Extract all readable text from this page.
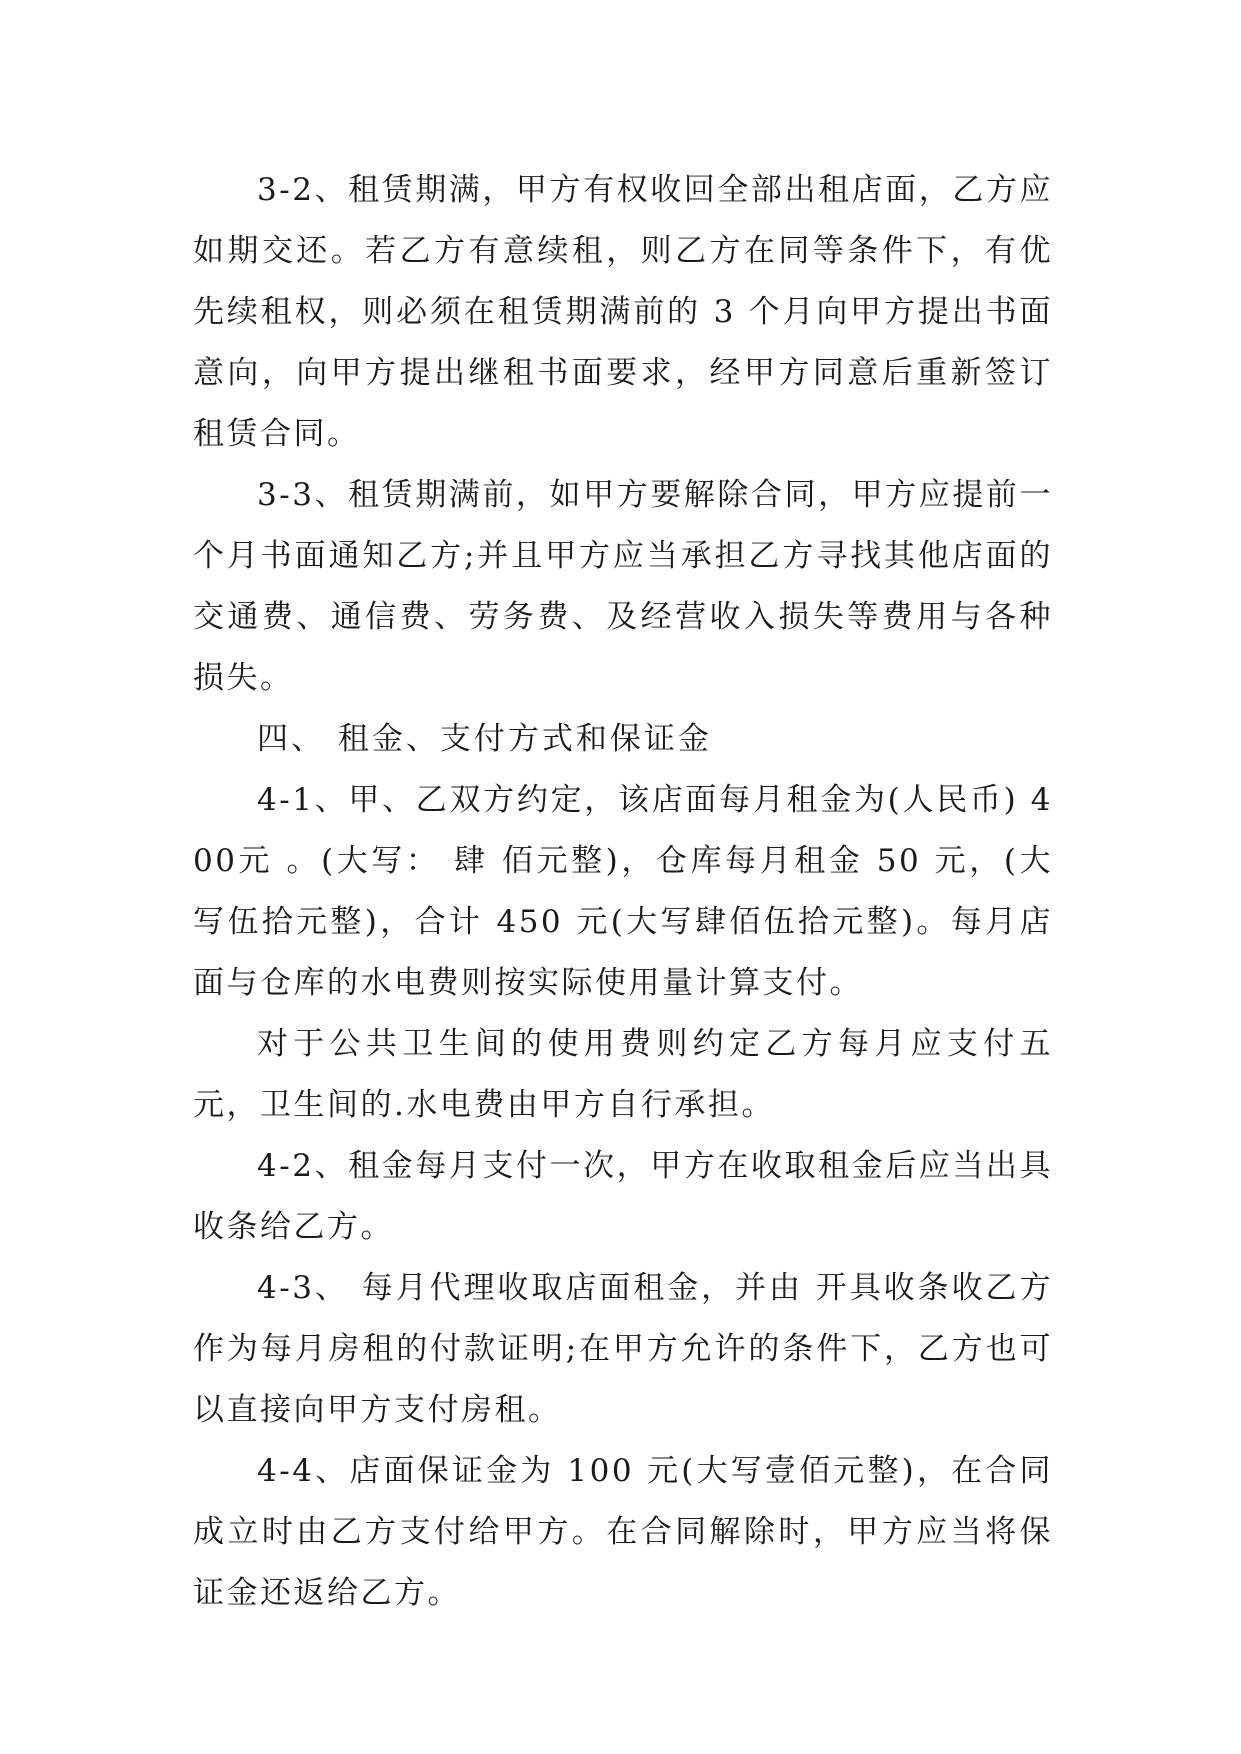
3-2、租赁期满，甲方有权收回全部出租店面，乙方应如期交还。若乙方有意续租，则乙方在同等条件下，有优先续租权，则必须在租赁期满前的 3 个月向甲方提出书面意向，向甲方提出继租书面要求，经甲方同意后重新签订租赁合同。

3-3、租赁期满前，如甲方要解除合同，甲方应提前一个月书面通知乙方;并且甲方应当承担乙方寻找其他店面的交通费、通信费、劳务费、及经营收入损失等费用与各种损失。

四、 租金、支付方式和保证金

4-1、甲、乙双方约定，该店面每月租金为(人民币) 400元 。(大写： 肆 佰元整)，仓库每月租金 50 元，(大写伍拾元整)，合计 450 元(大写肆佰伍拾元整)。每月店面与仓库的水电费则按实际使用量计算支付。

对于公共卫生间的使用费则约定乙方每月应支付五元，卫生间的.水电费由甲方自行承担。

4-2、租金每月支付一次，甲方在收取租金后应当出具收条给乙方。

4-3、 每月代理收取店面租金，并由 开具收条收乙方作为每月房租的付款证明;在甲方允许的条件下，乙方也可以直接向甲方支付房租。

4-4、店面保证金为 100 元(大写壹佰元整)，在合同成立时由乙方支付给甲方。在合同解除时，甲方应当将保证金还返给乙方。
